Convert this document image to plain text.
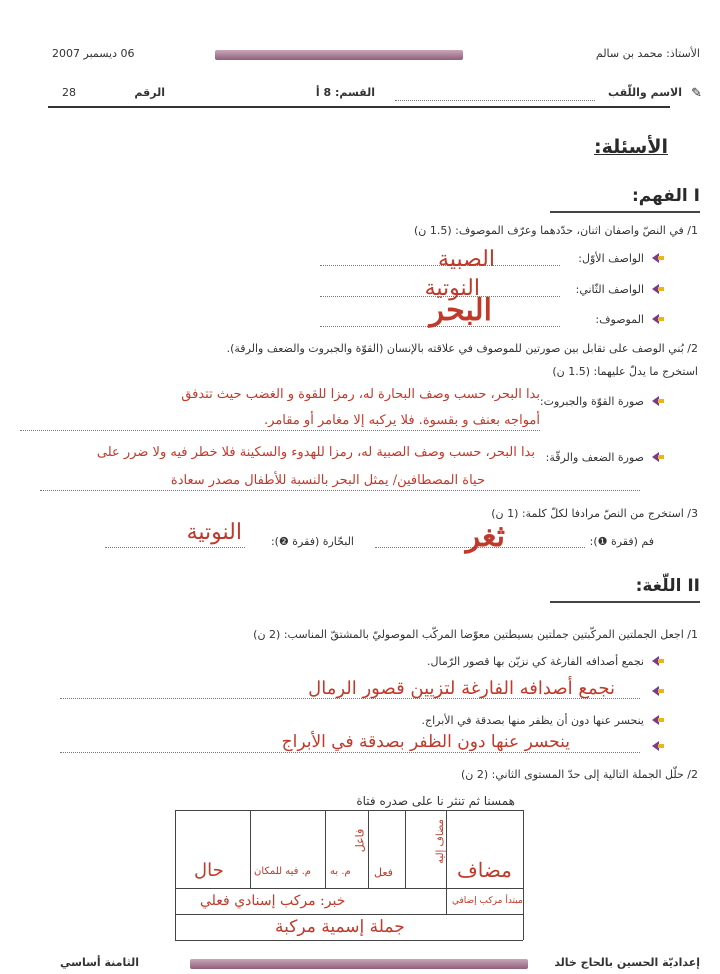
الأستاذ: محمد بن سالم
06 ديسمبر 2007
✎
الاسم واللّقب
القسم: 8 أ
الرقم
28
الأسئلة:
I الفهم:
1/ في النصّ واصفان اثنان، حدّدهما وعرّف الموصوف: (1.5 ن)
الواصف الأوّل:
الصبية
الواصف الثّاني:
النوتية
الموصوف:
البحر
2/ بُني الوصف على تقابل بين صورتين للموصوف في علاقته بالإنسان (القوّة والجبروت والضعف والرقة).
استخرج ما يدلّ عليهما: (1.5 ن)
صورة القوّة والجبروت:
بدا البحر، حسب وصف البحارة له، رمزا للقوة و الغضب حيث تتدفق
أمواجه بعنف و بقسوة. فلا يركبه إلا مغامر أو مقامر.
صورة الضعف والرقّة:
بدا البحر، حسب وصف الصبية له، رمزا للهدوء والسكينة فلا خطر فيه ولا ضرر على
حياة المصطافين/ يمثل البحر بالنسبة للأطفال مصدر سعادة
3/ استخرج من النصّ مرادفا لكلّ كلمة: (1 ن)
فم (فقرة ❶):
ثغر
البحّارة (فقرة ❷):
النوتية
II اللّغة:
1/ اجعل الجملتين المركّبتين جملتين بسيطتين معوّضا المركّب الموصوليّ بالمشتقّ المناسب: (2 ن)
نجمع أصدافه الفارغة كي نزيّن بها قصور الرّمال.
نجمع أصدافه الفارغة لتزيين قصور الرمال
ينحسر عنها دون أن يظفر منها بصدقة في الأبراج.
ينحسر عنها دون الظفر بصدقة في الأبراج
2/ حلّل الجملة التالية إلى حدّ المستوى الثاني: (2 ن)
همسنا ثم تنثر نا على صدره فتاة
مضاف
مضاف إليه
فعل
فاعل
م. به
م. فيه للمكان
حال
مبتدأ مركب إضافي
خبر: مركب إسنادي فعلي
جملة إسمية مركبة
إعداديّة الحسين بالحاج خالد
الثامنة أساسي
